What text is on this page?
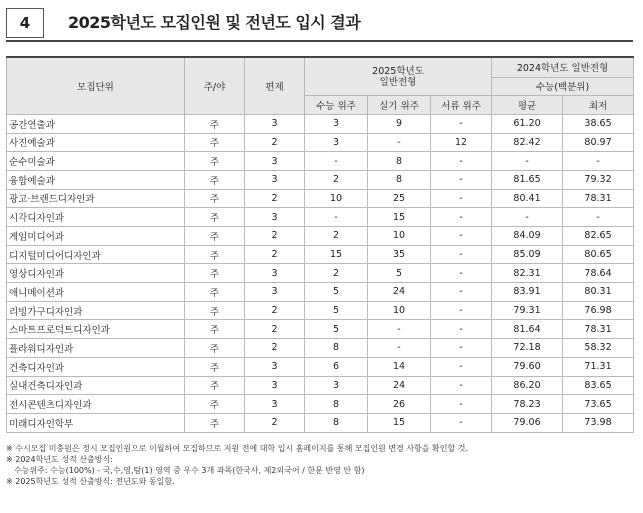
4	2025학년도 모집인원 및 전년도 입시 결과
모집단위	주/야	편제	2025학년도
일반전형			2024학년도 일반전형	
						수능(백분위)	
			수능 위주	실기 위주	서류 위주	평균	최저
공간연출과	주	3	3	9	-	61.20	38.65
사진예술과	주	2	3	-	12	82.42	80.97
순수미술과	주	3	-	8	-	-	-
융합예술과	주	3	2	8	-	81.65	79.32
광고·브랜드디자인과	주	2	10	25	-	80.41	78.31
시각디자인과	주	3	-	15	-	-	-
게임미디어과	주	2	2	10	-	84.09	82.65
디지털미디어디자인과	주	2	15	35	-	85.09	80.65
영상디자인과	주	3	2	5	-	82.31	78.64
애니메이션과	주	3	5	24	-	83.91	80.31
리빙가구디자인과	주	2	5	10	-	79.31	76.98
스마트프로덕트디자인과	주	2	5	-	-	81.64	78.31
플라워디자인과	주	2	8	-	-	72.18	58.32
건축디자인과	주	3	6	14	-	79.60	71.31
실내건축디자인과	주	3	3	24	-	86.20	83.65
전시콘텐츠디자인과	주	3	8	26	-	78.23	73.65
미래디자인학부	주	2	8	15	-	79.06	73.98
※ 수시모집 미충원은 정시 모집인원으로 이월하여 모집하므로 지원 전에 대학 입시 홈페이지를 통해 모집인원 변경 사항을 확인할 것.
※ 2024학년도 성적 산출방식:
수능위주: 수능(100%) - 국,수,영,탐(1) 영역 중 우수 3개 과목(한국사, 제2외국어 / 한문 반영 안 함)
※ 2025학년도 성적 산출방식: 전년도와 동일함.
